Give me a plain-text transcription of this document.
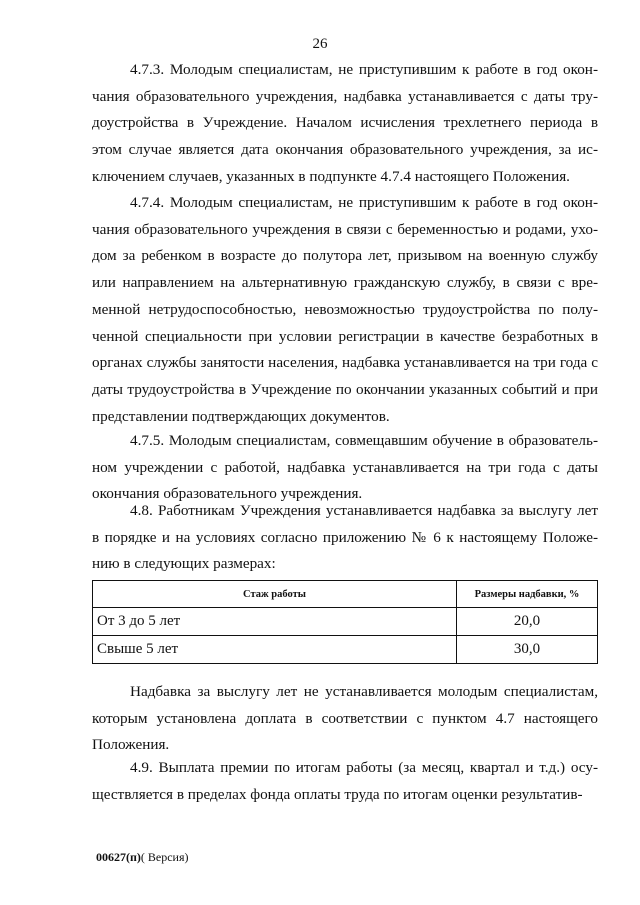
26

4.7.3. Молодым специалистам, не приступившим к работе в год окончания образовательного учреждения, надбавка устанавливается с даты трудоустройства в Учреждение. Началом исчисления трехлетнего периода в этом случае является дата окончания образовательного учреждения, за исключением случаев, указанных в подпункте 4.7.4 настоящего Положения.

4.7.4. Молодым специалистам, не приступившим к работе в год окончания образовательного учреждения в связи с беременностью и родами, уходом за ребенком в возрасте до полутора лет, призывом на военную службу или направлением на альтернативную гражданскую службу, в связи с временной нетрудоспособностью, невозможностью трудоустройства по полученной специальности при условии регистрации в качестве безработных в органах службы занятости населения, надбавка устанавливается на три года с даты трудоустройства в Учреждение по окончании указанных событий и при представлении подтверждающих документов.

4.7.5. Молодым специалистам, совмещавшим обучение в образовательном учреждении с работой, надбавка устанавливается на три года с даты окончания образовательного учреждения.

4.8. Работникам Учреждения устанавливается надбавка за выслугу лет в порядке и на условиях согласно приложению № 6 к настоящему Положению в следующих размерах:

Стаж работы	Размеры надбавки, %
От 3 до 5 лет	20,0
Свыше 5 лет	30,0

Надбавка за выслугу лет не устанавливается молодым специалистам, которым установлена доплата в соответствии с пунктом 4.7 настоящего Положения.

4.9. Выплата премии по итогам работы (за месяц, квартал и т.д.) осуществляется в пределах фонда оплаты труда по итогам оценки результатив-

00627(п)( Версия)
